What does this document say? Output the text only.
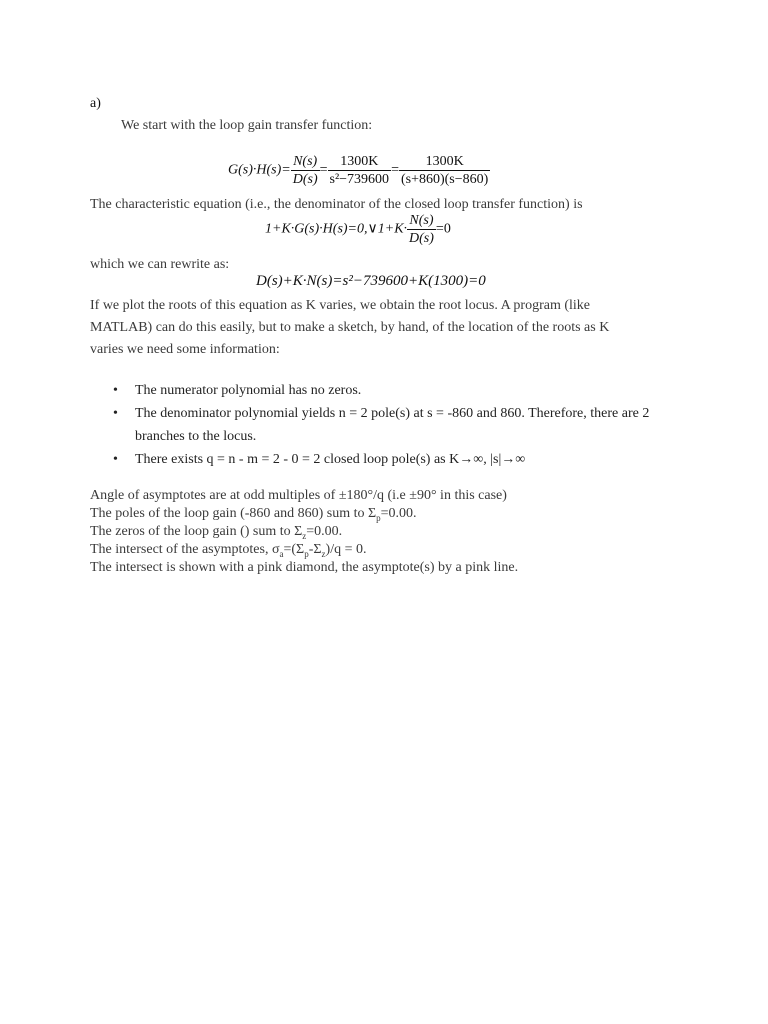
a)
We start with the loop gain transfer function:
$G(s)\cdot H(s)= \frac{N(s)}{D(s)} = \frac{1300K}{\text{s²−739600}} = \frac{1300K}{(s+860)(s-860)}$
The characteristic equation (i.e., the denominator of the closed loop transfer function) is
1+K·G(s)·H(s)=0,∨1+K· $\frac{N(s)}{D(s)} =0$
which we can rewrite as:
D(s)+K·N(s)=s²−739600+K(1300)=0
If we plot the roots of this equation as K varies, we obtain the root locus. A program (like
MATLAB) can do this easily, but to make a sketch, by hand, of the location of the roots as K
varies we need some information:
• The numerator polynomial has no zeros.
• The denominator polynomial yields n = 2 pole(s) at s = -860 and 860. Therefore, there are 2 branches to the locus.
• There exists q = n - m = 2 - 0 = 2 closed loop pole(s) as K→∞, |s|→∞
Angle of asymptotes are at odd multiples of ±180°/q (i.e ±90° in this case)
The poles of the loop gain (-860 and 860) sum to $\Sigma_p=0.00$.
The zeros of the loop gain () sum to $\Sigma_z=0.00$.
The intersect of the asymptotes, $\sigma_a=(\Sigma_p-\Sigma_z)/q = 0$.
The intersect is shown with a pink diamond, the asymptote(s) by a pink line.
